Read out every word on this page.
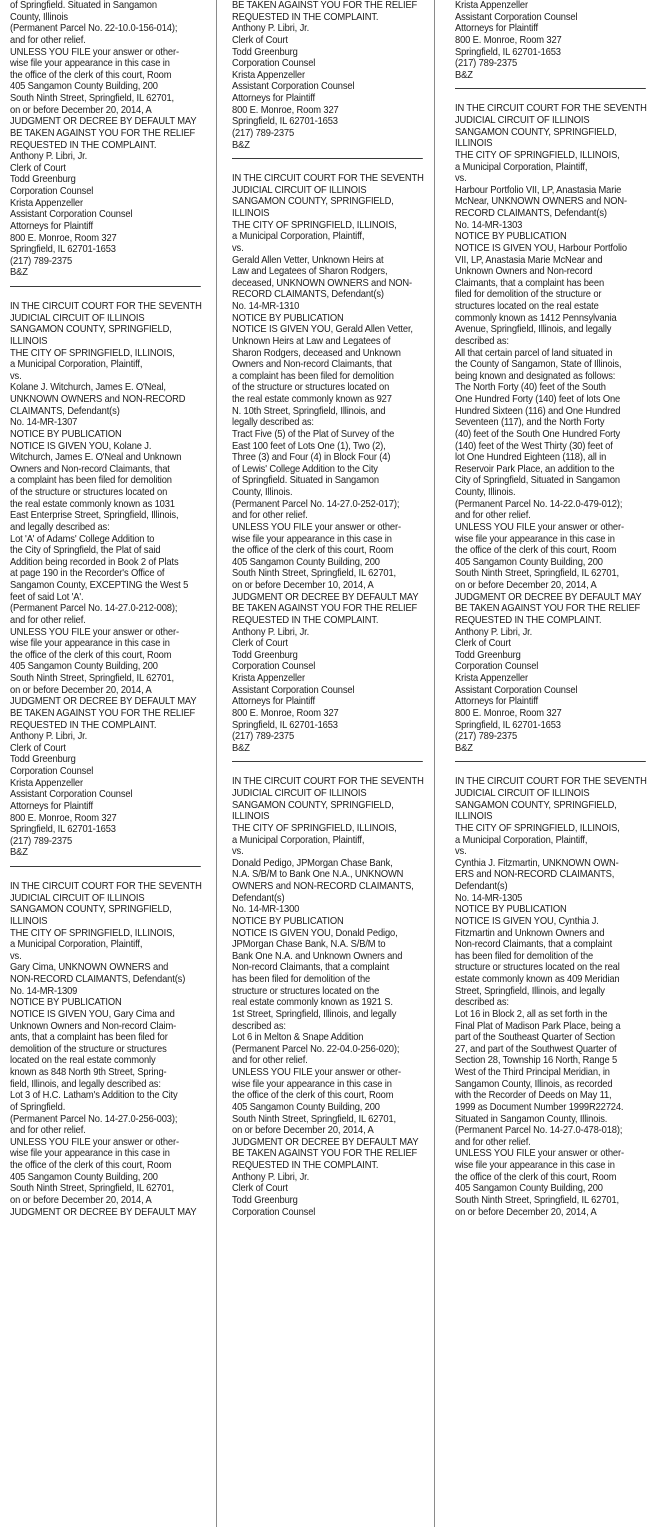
of Springfield. Situated in Sangamon
County, Illinois
(Permanent Parcel No. 22-10.0-156-014);
and for other relief.
UNLESS YOU FILE your answer or other-
wise file your appearance in this case in
the office of the clerk of this court, Room
405 Sangamon County Building, 200
South Ninth Street, Springfield, IL 62701,
on or before December 20, 2014, A
JUDGMENT OR DECREE BY DEFAULT MAY
BE TAKEN AGAINST YOU FOR THE RELIEF
REQUESTED IN THE COMPLAINT.
Anthony P. Libri, Jr.
Clerk of Court
Todd Greenburg
Corporation Counsel
Krista Appenzeller
Assistant Corporation Counsel
Attorneys for Plaintiff
800 E. Monroe, Room 327
Springfield, IL 62701-1653
(217) 789-2375
B&Z
IN THE CIRCUIT COURT FOR THE SEVENTH
JUDICIAL CIRCUIT OF ILLINOIS
SANGAMON COUNTY, SPRINGFIELD,
ILLINOIS
THE CITY OF SPRINGFIELD, ILLINOIS,
a Municipal Corporation, Plaintiff,
vs.
Kolane J. Witchurch, James E. O'Neal,
UNKNOWN OWNERS and NON-RECORD
CLAIMANTS, Defendant(s)
No. 14-MR-1307
NOTICE BY PUBLICATION
NOTICE IS GIVEN YOU, Kolane J.
Witchurch, James E. O'Neal and Unknown
Owners and Non-record Claimants, that
a complaint has been filed for demolition
of the structure or structures located on
the real estate commonly known as 1031
East Enterprise Street, Springfield, Illinois,
and legally described as:
Lot 'A' of Adams' College Addition to
the City of Springfield, the Plat of said
Addition being recorded in Book 2 of Plats
at page 190 in the Recorder's Office of
Sangamon County, EXCEPTING the West 5
feet of said Lot 'A'.
(Permanent Parcel No. 14-27.0-212-008);
and for other relief.
UNLESS YOU FILE your answer or other-
wise file your appearance in this case in
the office of the clerk of this court, Room
405 Sangamon County Building, 200
South Ninth Street, Springfield, IL 62701,
on or before December 20, 2014, A
JUDGMENT OR DECREE BY DEFAULT MAY
BE TAKEN AGAINST YOU FOR THE RELIEF
REQUESTED IN THE COMPLAINT.
Anthony P. Libri, Jr.
Clerk of Court
Todd Greenburg
Corporation Counsel
Krista Appenzeller
Assistant Corporation Counsel
Attorneys for Plaintiff
800 E. Monroe, Room 327
Springfield, IL 62701-1653
(217) 789-2375
B&Z
IN THE CIRCUIT COURT FOR THE SEVENTH
JUDICIAL CIRCUIT OF ILLINOIS
SANGAMON COUNTY, SPRINGFIELD,
ILLINOIS
THE CITY OF SPRINGFIELD, ILLINOIS,
a Municipal Corporation, Plaintiff,
vs.
Gary Cima, UNKNOWN OWNERS and
NON-RECORD CLAIMANTS, Defendant(s)
No. 14-MR-1309
NOTICE BY PUBLICATION
NOTICE IS GIVEN YOU, Gary Cima and
Unknown Owners and Non-record Claim-
ants, that a complaint has been filed for
demolition of the structure or structures
located on the real estate commonly
known as 848 North 9th Street, Spring-
field, Illinois, and legally described as:
Lot 3 of H.C. Latham's Addition to the City
of Springfield.
(Permanent Parcel No. 14-27.0-256-003);
and for other relief.
UNLESS YOU FILE your answer or other-
wise file your appearance in this case in
the office of the clerk of this court, Room
405 Sangamon County Building, 200
South Ninth Street, Springfield, IL 62701,
on or before December 20, 2014, A
JUDGMENT OR DECREE BY DEFAULT MAY
BE TAKEN AGAINST YOU FOR THE RELIEF
REQUESTED IN THE COMPLAINT.
Anthony P. Libri, Jr.
Clerk of Court
Todd Greenburg
Corporation Counsel
Krista Appenzeller
Assistant Corporation Counsel
Attorneys for Plaintiff
800 E. Monroe, Room 327
Springfield, IL 62701-1653
(217) 789-2375
B&Z
IN THE CIRCUIT COURT FOR THE SEVENTH
JUDICIAL CIRCUIT OF ILLINOIS
SANGAMON COUNTY, SPRINGFIELD,
ILLINOIS
THE CITY OF SPRINGFIELD, ILLINOIS,
a Municipal Corporation, Plaintiff,
vs.
Gerald Allen Vetter, Unknown Heirs at
Law and Legatees of Sharon Rodgers,
deceased, UNKNOWN OWNERS and NON-
RECORD CLAIMANTS, Defendant(s)
No. 14-MR-1310
NOTICE BY PUBLICATION
NOTICE IS GIVEN YOU, Gerald Allen Vetter,
Unknown Heirs at Law and Legatees of
Sharon Rodgers, deceased and Unknown
Owners and Non-record Claimants, that
a complaint has been filed for demolition
of the structure or structures located on
the real estate commonly known as 927
N. 10th Street, Springfield, Illinois, and
legally described as:
Tract Five (5) of the Plat of Survey of the
East 100 feet of Lots One (1), Two (2),
Three (3) and Four (4) in Block Four (4)
of Lewis' College Addition to the City
of Springfield. Situated in Sangamon
County, Illinois.
(Permanent Parcel No. 14-27.0-252-017);
and for other relief.
UNLESS YOU FILE your answer or other-
wise file your appearance in this case in
the office of the clerk of this court, Room
405 Sangamon County Building, 200
South Ninth Street, Springfield, IL 62701,
on or before December 10, 2014, A
JUDGMENT OR DECREE BY DEFAULT MAY
BE TAKEN AGAINST YOU FOR THE RELIEF
REQUESTED IN THE COMPLAINT.
Anthony P. Libri, Jr.
Clerk of Court
Todd Greenburg
Corporation Counsel
Krista Appenzeller
Assistant Corporation Counsel
Attorneys for Plaintiff
800 E. Monroe, Room 327
Springfield, IL 62701-1653
(217) 789-2375
B&Z
IN THE CIRCUIT COURT FOR THE SEVENTH
JUDICIAL CIRCUIT OF ILLINOIS
SANGAMON COUNTY, SPRINGFIELD,
ILLINOIS
THE CITY OF SPRINGFIELD, ILLINOIS,
a Municipal Corporation, Plaintiff,
vs.
Donald Pedigo, JPMorgan Chase Bank,
N.A. S/B/M to Bank One N.A., UNKNOWN
OWNERS and NON-RECORD CLAIMANTS,
Defendant(s)
No. 14-MR-1300
NOTICE BY PUBLICATION
NOTICE IS GIVEN YOU, Donald Pedigo,
JPMorgan Chase Bank, N.A. S/B/M to
Bank One N.A. and Unknown Owners and
Non-record Claimants, that a complaint
has been filed for demolition of the
structure or structures located on the
real estate commonly known as 1921 S.
1st Street, Springfield, Illinois, and legally
described as:
Lot 6 in Melton & Snape Addition
(Permanent Parcel No. 22-04.0-256-020);
and for other relief.
UNLESS YOU FILE your answer or other-
wise file your appearance in this case in
the office of the clerk of this court, Room
405 Sangamon County Building, 200
South Ninth Street, Springfield, IL 62701,
on or before December 20, 2014, A
JUDGMENT OR DECREE BY DEFAULT MAY
BE TAKEN AGAINST YOU FOR THE RELIEF
REQUESTED IN THE COMPLAINT.
Anthony P. Libri, Jr.
Clerk of Court
Todd Greenburg
Corporation Counsel
Krista Appenzeller
Assistant Corporation Counsel
Attorneys for Plaintiff
800 E. Monroe, Room 327
Springfield, IL 62701-1653
(217) 789-2375
B&Z
IN THE CIRCUIT COURT FOR THE SEVENTH
JUDICIAL CIRCUIT OF ILLINOIS
SANGAMON COUNTY, SPRINGFIELD,
ILLINOIS
THE CITY OF SPRINGFIELD, ILLINOIS,
a Municipal Corporation, Plaintiff,
vs.
Harbour Portfolio VII, LP, Anastasia Marie
McNear, UNKNOWN OWNERS and NON-
RECORD CLAIMANTS, Defendant(s)
No. 14-MR-1303
NOTICE BY PUBLICATION
NOTICE IS GIVEN YOU, Harbour Portfolio
VII, LP, Anastasia Marie McNear and
Unknown Owners and Non-record
Claimants, that a complaint has been
filed for demolition of the structure or
structures located on the real estate
commonly known as 1412 Pennsylvania
Avenue, Springfield, Illinois, and legally
described as:
All that certain parcel of land situated in
the County of Sangamon, State of Illinois,
being known and designated as follows:
The North Forty (40) feet of the South
One Hundred Forty (140) feet of lots One
Hundred Sixteen (116) and One Hundred
Seventeen (117), and the North Forty
(40) feet of the South One Hundred Forty
(140) feet of the West Thirty (30) feet of
lot One Hundred Eighteen (118), all in
Reservoir Park Place, an addition to the
City of Springfield, Situated in Sangamon
County, Illinois.
(Permanent Parcel No. 14-22.0-479-012);
and for other relief.
UNLESS YOU FILE your answer or other-
wise file your appearance in this case in
the office of the clerk of this court, Room
405 Sangamon County Building, 200
South Ninth Street, Springfield, IL 62701,
on or before December 20, 2014, A
JUDGMENT OR DECREE BY DEFAULT MAY
BE TAKEN AGAINST YOU FOR THE RELIEF
REQUESTED IN THE COMPLAINT.
Anthony P. Libri, Jr.
Clerk of Court
Todd Greenburg
Corporation Counsel
Krista Appenzeller
Assistant Corporation Counsel
Attorneys for Plaintiff
800 E. Monroe, Room 327
Springfield, IL 62701-1653
(217) 789-2375
B&Z
IN THE CIRCUIT COURT FOR THE SEVENTH
JUDICIAL CIRCUIT OF ILLINOIS
SANGAMON COUNTY, SPRINGFIELD,
ILLINOIS
THE CITY OF SPRINGFIELD, ILLINOIS,
a Municipal Corporation, Plaintiff,
vs.
Cynthia J. Fitzmartin, UNKNOWN OWN-
ERS and NON-RECORD CLAIMANTS,
Defendant(s)
No. 14-MR-1305
NOTICE BY PUBLICATION
NOTICE IS GIVEN YOU, Cynthia J.
Fitzmartin and Unknown Owners and
Non-record Claimants, that a complaint
has been filed for demolition of the
structure or structures located on the real
estate commonly known as 409 Meridian
Street, Springfield, Illinois, and legally
described as:
Lot 16 in Block 2, all as set forth in the
Final Plat of Madison Park Place, being a
part of the Southeast Quarter of Section
27, and part of the Southwest Quarter of
Section 28, Township 16 North, Range 5
West of the Third Principal Meridian, in
Sangamon County, Illinois, as recorded
with the Recorder of Deeds on May 11,
1999 as Document Number 1999R22724.
Situated in Sangamon County, Illinois.
(Permanent Parcel No. 14-27.0-478-018);
and for other relief.
UNLESS YOU FILE your answer or other-
wise file your appearance in this case in
the office of the clerk of this court, Room
405 Sangamon County Building, 200
South Ninth Street, Springfield, IL 62701,
on or before December 20, 2014, A
